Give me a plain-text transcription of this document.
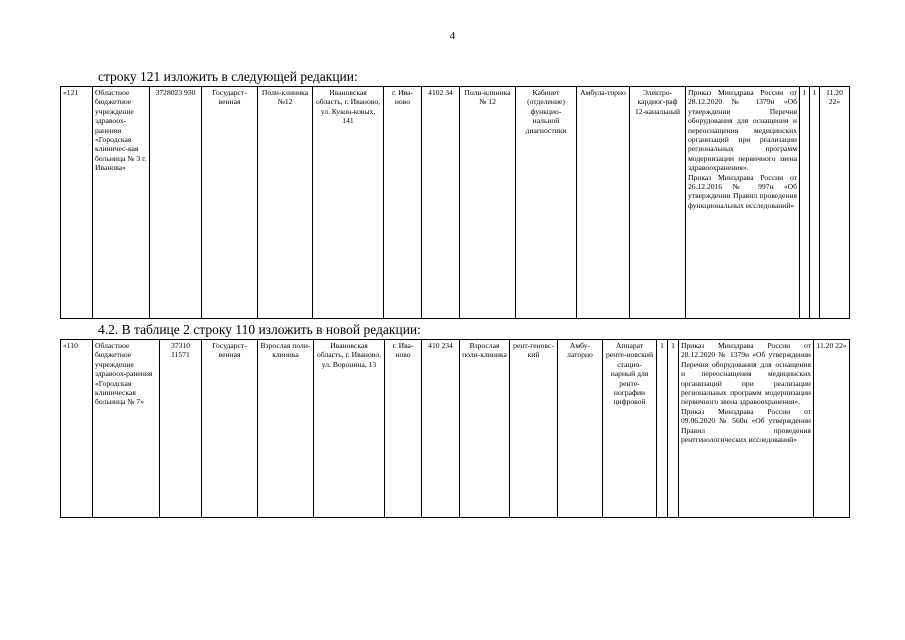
4
строку 121 изложить в следующей редакции:
«121	Областное бюджетное учреждение здравоох-ранения «Городская клиничес-кая больница № 3 г. Иванова»	3728023 930	Государст-венная	Поли-клиника №12	Ивановская область, г. Иваново, ул. Кукон-ковых, 141	г. Ива-ново	4102 34	Поли-клиника № 12	Кабинет (отделение) функцио-нальной диагностики	Амбула-торно	Электро-кардиог-раф 12-канальный	Приказ Минздрава России от 28.12.2020 № 1379н «Об утверждении Перечня оборудования для оснащения и переоснащения медицинских организаций при реализации региональных программ модернизации первичного звена здравоохранения».
Приказ Минздрава России от 26.12.2016 № 997н «Об утверждении Правил проведения функциональных исследований»	1	1	11.20 22»
4.2. В таблице 2 строку 110 изложить в новой редакции:
«110	Областное бюджетное учреждение здравоох-ранения «Городская клиническая больница № 7»	37310 11571	Государст-венная	Взрослая поли-клиника	Ивановская область, г. Иваново, ул. Воронина, 13	г. Ива-ново	410 234	Взрослая поли-клиника	рент-геновс-кий	Амбу-латорно	Аппарат ренте-новский стацио-нарный для ренте-нографии цифровой	1	1	Приказ Минздрава России от 28.12.2020 № 1379н «Об утверждении Перечня оборудования для оснащения и переоснащения медицинских организаций при реализации региональных программ модернизации первичного звена здравоохранения».
Приказ Минздрава России от 09.06.2020 № 560н «Об утверждении Правил проведения рентгенологических исследований»	11.20 22»
